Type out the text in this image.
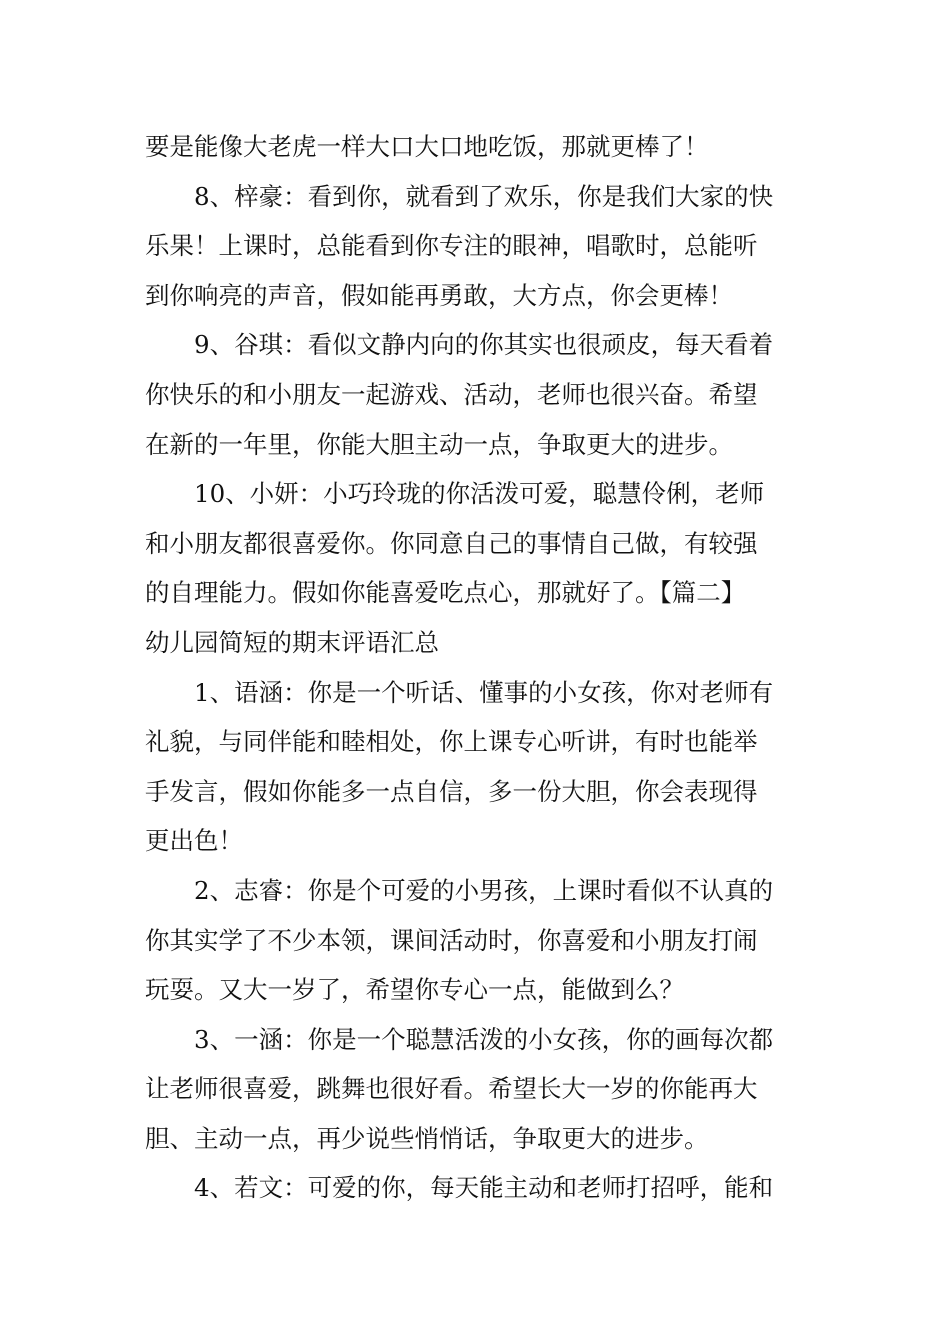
要是能像大老虎一样大口大口地吃饭，那就更棒了！
8、梓豪：看到你，就看到了欢乐，你是我们大家的快
乐果！上课时，总能看到你专注的眼神，唱歌时，总能听
到你响亮的声音，假如能再勇敢，大方点，你会更棒！
9、谷琪：看似文静内向的你其实也很顽皮，每天看着
你快乐的和小朋友一起游戏、活动，老师也很兴奋。希望
在新的一年里，你能大胆主动一点，争取更大的进步。
10、小妍：小巧玲珑的你活泼可爱，聪慧伶俐，老师
和小朋友都很喜爱你。你同意自己的事情自己做，有较强
的自理能力。假如你能喜爱吃点心，那就好了。【篇二】
幼儿园简短的期末评语汇总
1、语涵：你是一个听话、懂事的小女孩，你对老师有
礼貌，与同伴能和睦相处，你上课专心听讲，有时也能举
手发言，假如你能多一点自信，多一份大胆，你会表现得
更出色！
2、志睿：你是个可爱的小男孩，上课时看似不认真的
你其实学了不少本领，课间活动时，你喜爱和小朋友打闹
玩耍。又大一岁了，希望你专心一点，能做到么？
3、一涵：你是一个聪慧活泼的小女孩，你的画每次都
让老师很喜爱，跳舞也很好看。希望长大一岁的你能再大
胆、主动一点，再少说些悄悄话，争取更大的进步。
4、若文：可爱的你，每天能主动和老师打招呼，能和
